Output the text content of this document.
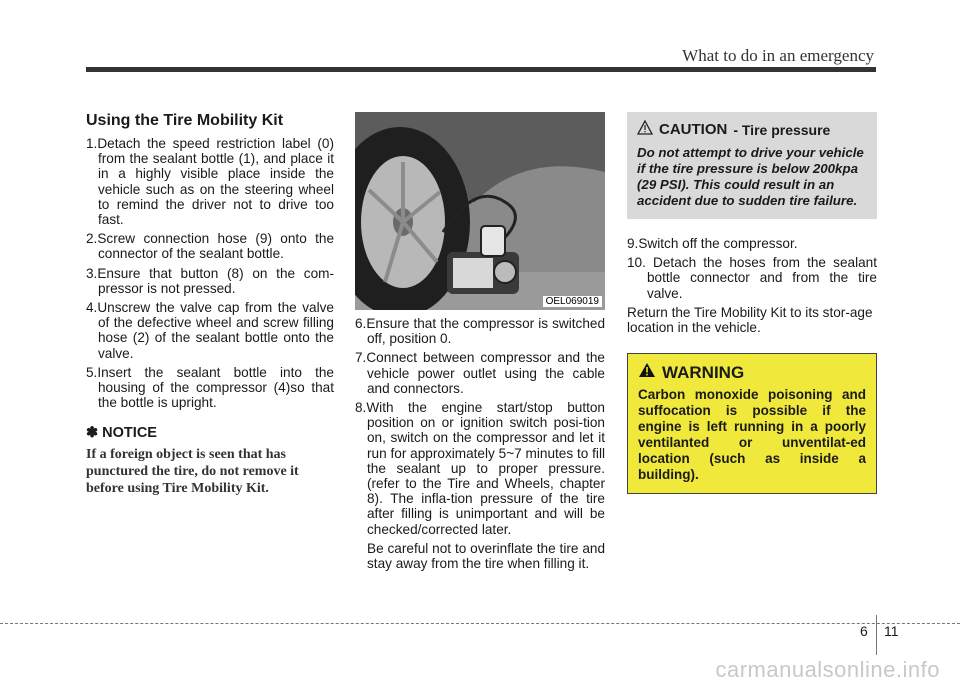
What to do in an emergency
Using the Tire Mobility Kit
1.Detach the speed restriction label (0) from the sealant bottle (1), and place it in a highly visible place inside the vehicle such as on the steering wheel to remind the driver not to drive too fast.
2.Screw connection hose (9) onto the connector of the sealant bottle.
3.Ensure that button (8) on the com-pressor is not pressed.
4.Unscrew the valve cap from the valve of the defective wheel and screw filling hose (2) of the sealant bottle onto the valve.
5.Insert the sealant bottle into the housing of the compressor (4)so that the bottle is upright.
✽ NOTICE
If a foreign object is seen that has punctured the tire, do not remove it before using Tire Mobility Kit.
OEL069019
6.Ensure that the compressor is switched off, position 0.
7.Connect between compressor and the vehicle power outlet using the cable and connectors.
8.With the engine start/stop button position on or ignition switch posi-tion on, switch on the compressor and let it run for approximately 5~7 minutes to fill the sealant up to proper pressure. (refer to the Tire and Wheels, chapter 8). The infla-tion pressure of the tire after filling is unimportant and will be checked/corrected later.
Be careful not to overinflate the tire and stay away from the tire when filling it.
CAUTION - Tire pressure
Do not attempt to drive your vehicle if the tire pressure is below 200kpa (29 PSI). This could result in an accident due to sudden tire failure.
9.Switch off the compressor.
10. Detach the hoses from the sealant bottle connector and from the tire valve.

Return the Tire Mobility Kit to its stor-age location in the vehicle.

WARNING
Carbon monoxide poisoning and suffocation is possible if the engine is left running in a poorly ventilanted or unventilat-ed location (such as inside a building).
6 11
carmanualsonline.info
